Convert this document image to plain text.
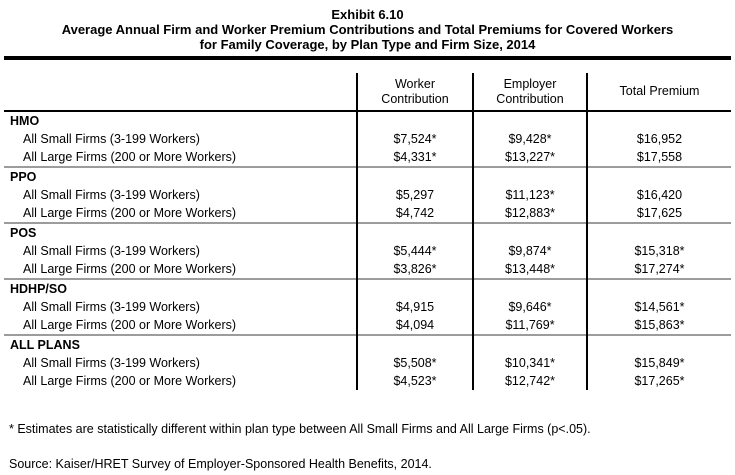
Exhibit 6.10
Average Annual Firm and Worker Premium Contributions and Total Premiums for Covered Workers
for Family Coverage, by Plan Type and Firm Size, 2014
	Worker Contribution	Employer Contribution	Total Premium
HMO			
All Small Firms (3-199 Workers)	$7,524*	$9,428*	$16,952
All Large Firms (200 or More Workers)	$4,331*	$13,227*	$17,558
PPO			
All Small Firms (3-199 Workers)	$5,297	$11,123*	$16,420
All Large Firms (200 or More Workers)	$4,742	$12,883*	$17,625
POS			
All Small Firms (3-199 Workers)	$5,444*	$9,874*	$15,318*
All Large Firms (200 or More Workers)	$3,826*	$13,448*	$17,274*
HDHP/SO			
All Small Firms (3-199 Workers)	$4,915	$9,646*	$14,561*
All Large Firms (200 or More Workers)	$4,094	$11,769*	$15,863*
ALL PLANS			
All Small Firms (3-199 Workers)	$5,508*	$10,341*	$15,849*
All Large Firms (200 or More Workers)	$4,523*	$12,742*	$17,265*
* Estimates are statistically different within plan type between All Small Firms and All Large Firms (p<.05).
Source: Kaiser/HRET Survey of Employer-Sponsored Health Benefits, 2014.
